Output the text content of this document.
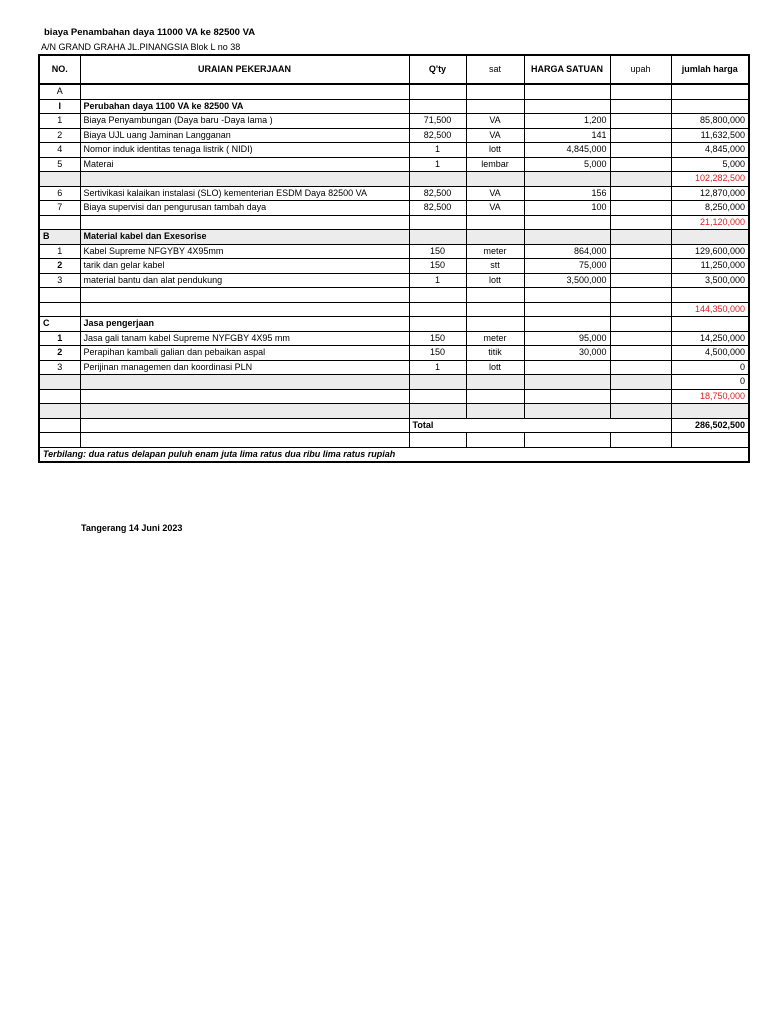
biaya Penambahan daya 11000 VA ke 82500 VA
A/N GRAND GRAHA JL.PINANGSIA Blok L no 38
NO.	URAIAN PEKERJAAN	Q'ty	sat	HARGA SATUAN	upah	jumlah harga
A						
I	Perubahan daya 1100 VA ke 82500 VA					
1	Biaya Penyambungan (Daya baru -Daya lama )	71,500	VA	1,200		85,800,000
2	Biaya UJL uang Jaminan Langganan	82,500	VA	141		11,632,500
4	Nomor induk identitas tenaga listrik ( NIDI)	1	lott	4,845,000		4,845,000
5	Materai	1	lembar	5,000		5,000
						102,282,500
6	Sertivikasi kalaikan instalasi (SLO) kementerian ESDM Daya 82500 VA	82,500	VA	156		12,870,000
7	Biaya supervisi dan pengurusan tambah daya	82,500	VA	100		8,250,000
						21,120,000
B	Material kabel dan Exesorise					
1	Kabel Supreme NFGYBY 4X95mm	150	meter	864,000		129,600,000
2	tarik dan gelar kabel	150	stt	75,000		11,250,000
3	material bantu dan alat pendukung	1	lott	3,500,000		3,500,000

						144,350,000
C	Jasa pengerjaan					
1	Jasa gali tanam kabel Supreme NYFGBY 4X95 mm	150	meter	95,000		14,250,000
2	Perapihan kambali galian dan pebaikan aspal	150	titik	30,000		4,500,000
3	Perijinan managemen dan koordinasi PLN	1	lott			0
						0
						18,750,000

		Total				286,502,500

Terbilang: dua ratus delapan puluh enam juta lima ratus dua ribu lima ratus rupiah						
Tangerang 14 Juni 2023
